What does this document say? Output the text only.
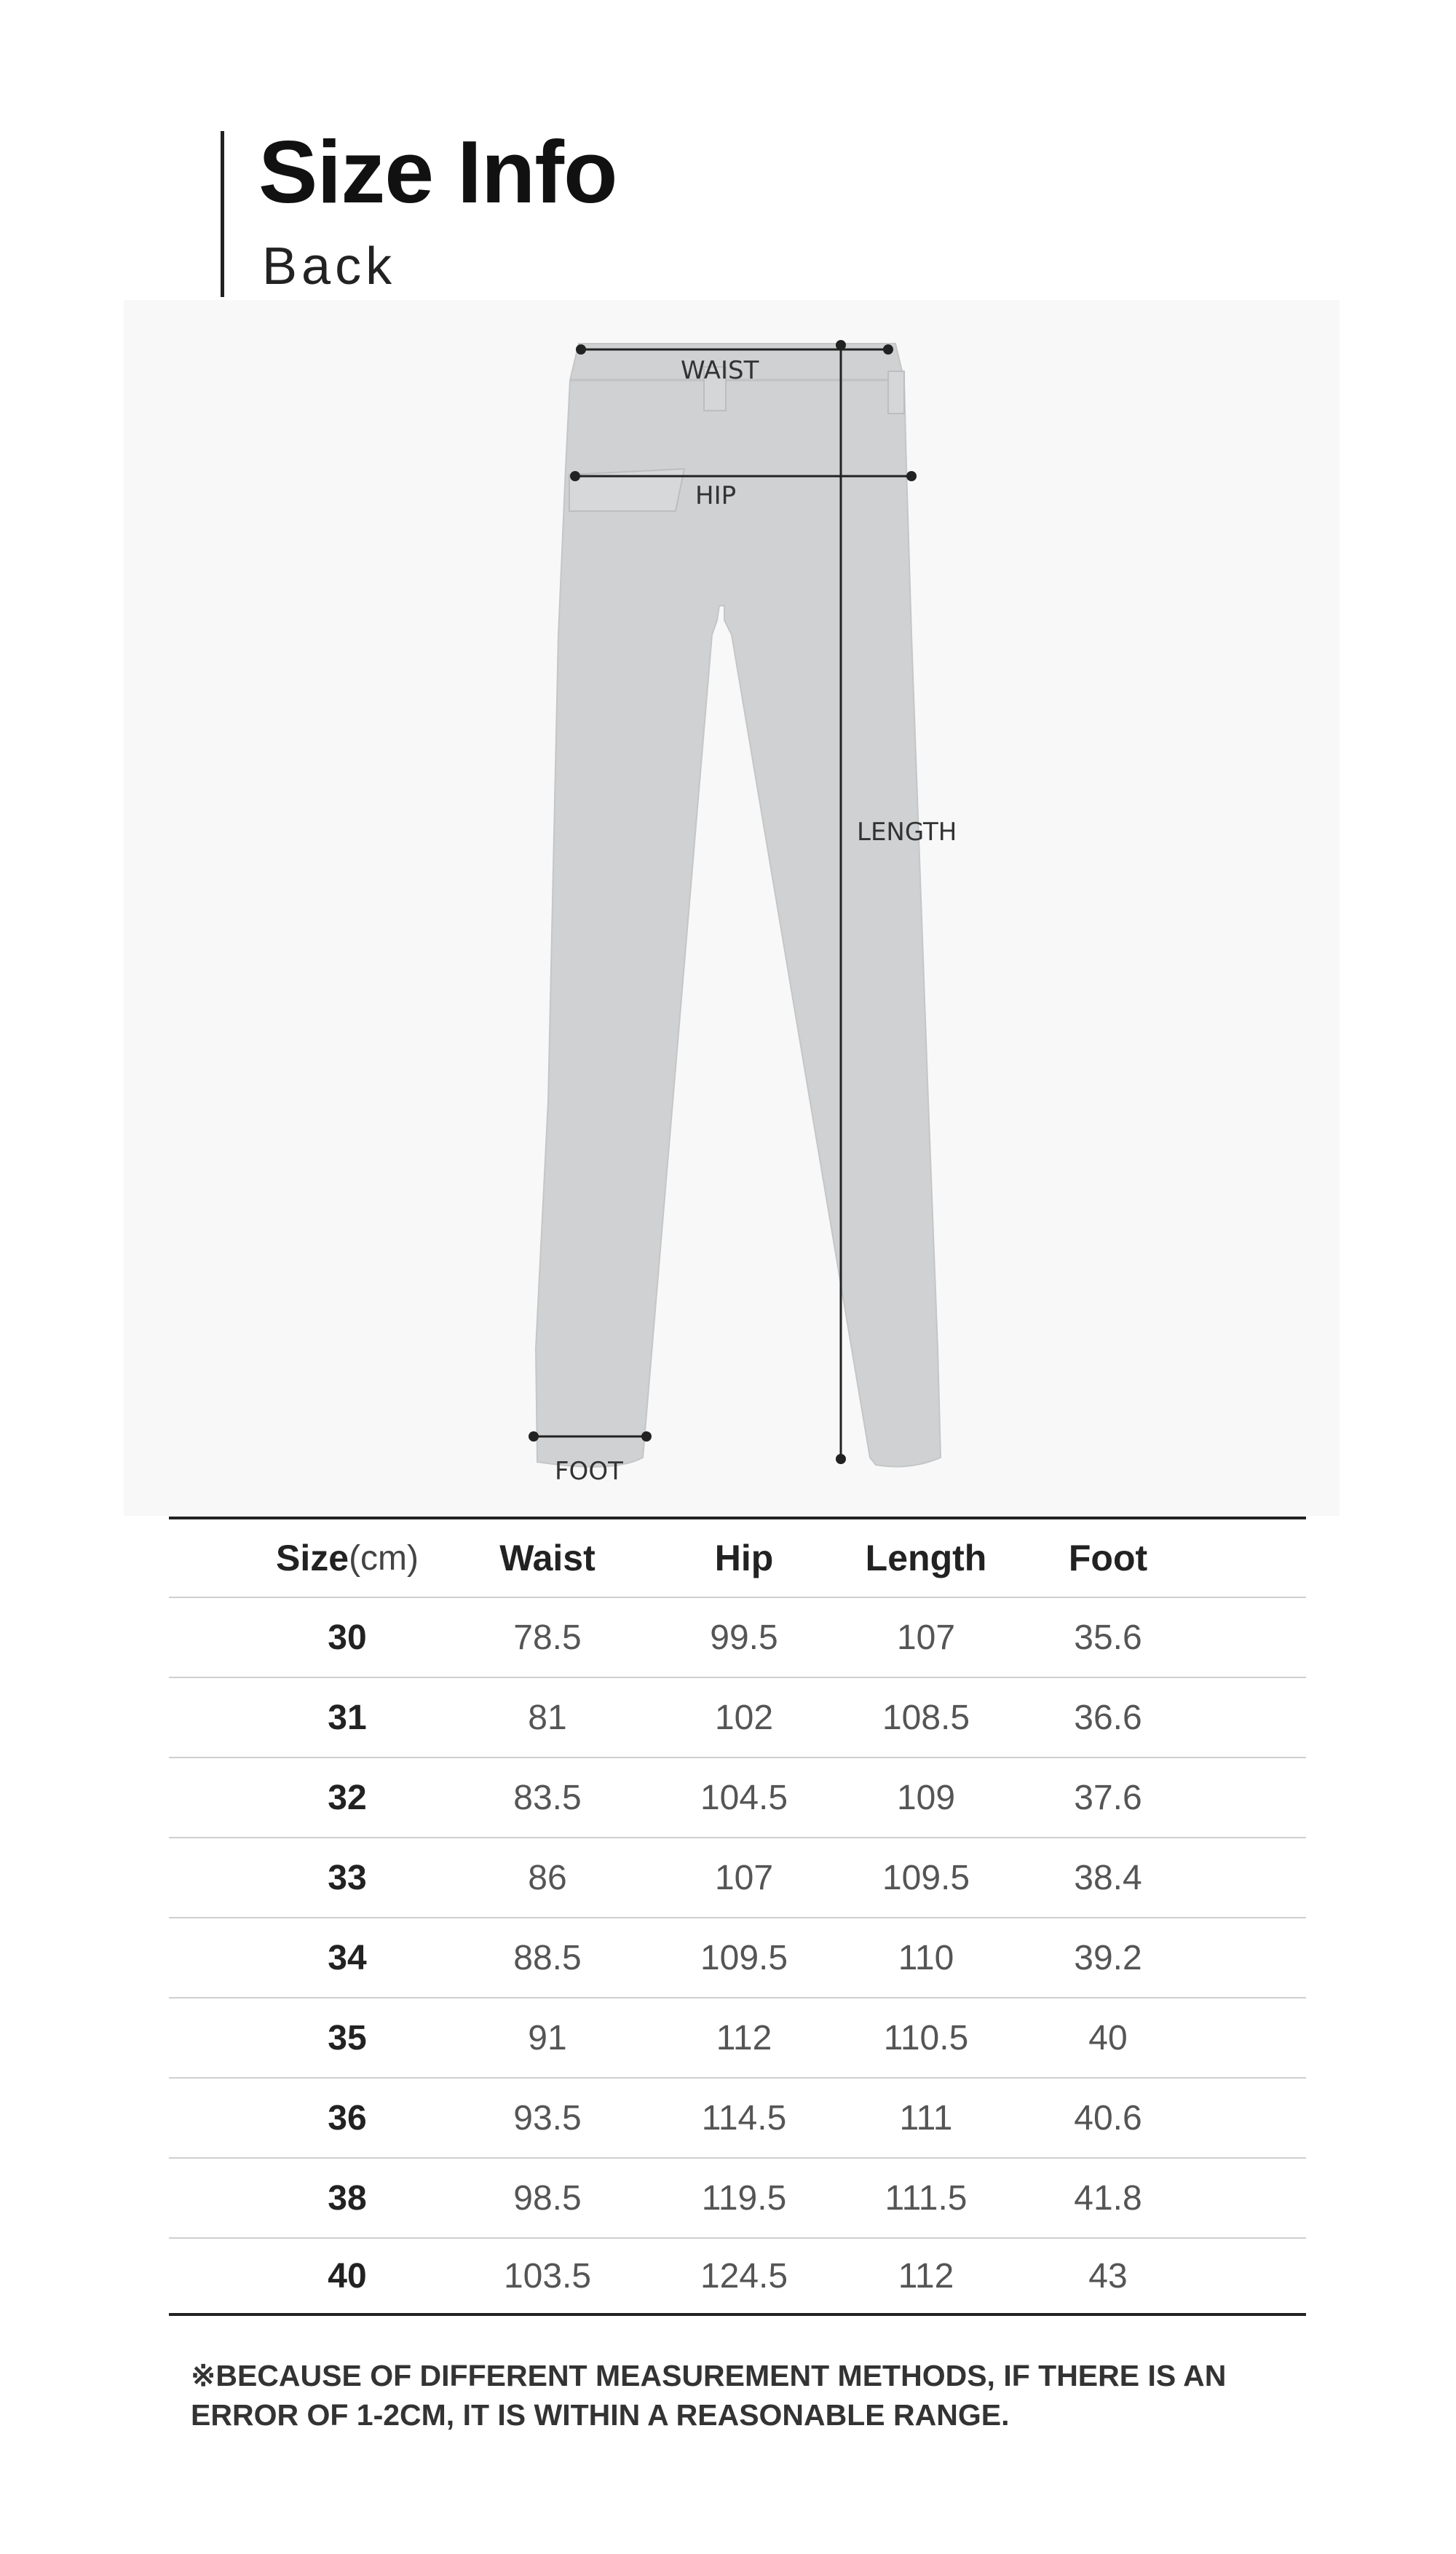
Size Info
Back
WAIST
HIP
LENGTH
FOOT
Size (cm)	Waist	Hip	Length	Foot
30	78.5	99.5	107	35.6
31	81	102	108.5	36.6
32	83.5	104.5	109	37.6
33	86	107	109.5	38.4
34	88.5	109.5	110	39.2
35	91	112	110.5	40
36	93.5	114.5	111	40.6
38	98.5	119.5	111.5	41.8
40	103.5	124.5	112	43
※BECAUSE OF DIFFERENT MEASUREMENT METHODS, IF THERE IS AN
ERROR OF 1-2CM, IT IS WITHIN A REASONABLE RANGE.
